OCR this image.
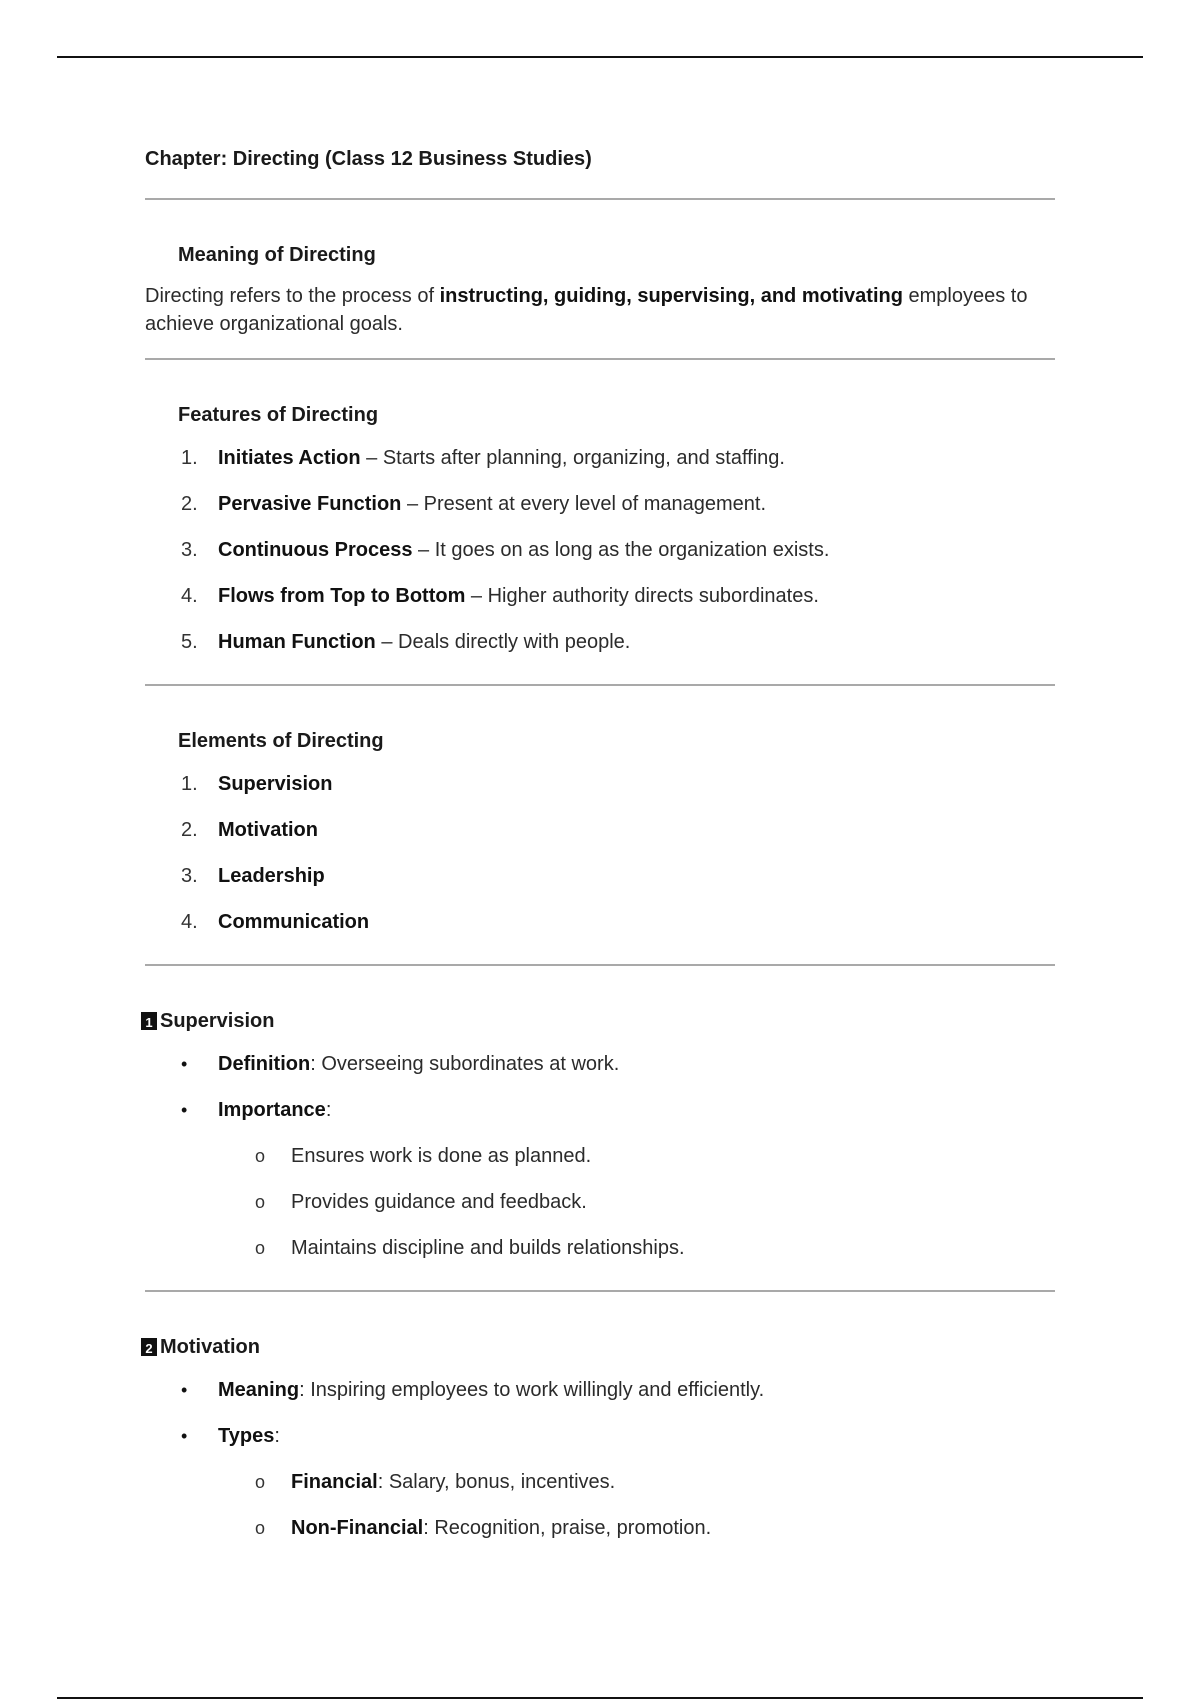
Chapter: Directing (Class 12 Business Studies)
Meaning of Directing

Directing refers to the process of instructing, guiding, supervising, and motivating employees to achieve organizational goals.

Features of Directing
1. Initiates Action – Starts after planning, organizing, and staffing.
2. Pervasive Function – Present at every level of management.
3. Continuous Process – It goes on as long as the organization exists.
4. Flows from Top to Bottom – Higher authority directs subordinates.
5. Human Function – Deals directly with people.
Elements of Directing
1. Supervision
2. Motivation
3. Leadership
4. Communication
1 Supervision
• Definition: Overseeing subordinates at work.
• Importance:
o Ensures work is done as planned.
o Provides guidance and feedback.
o Maintains discipline and builds relationships.
2 Motivation
• Meaning: Inspiring employees to work willingly and efficiently.
• Types:
o Financial: Salary, bonus, incentives.
o Non-Financial: Recognition, praise, promotion.
